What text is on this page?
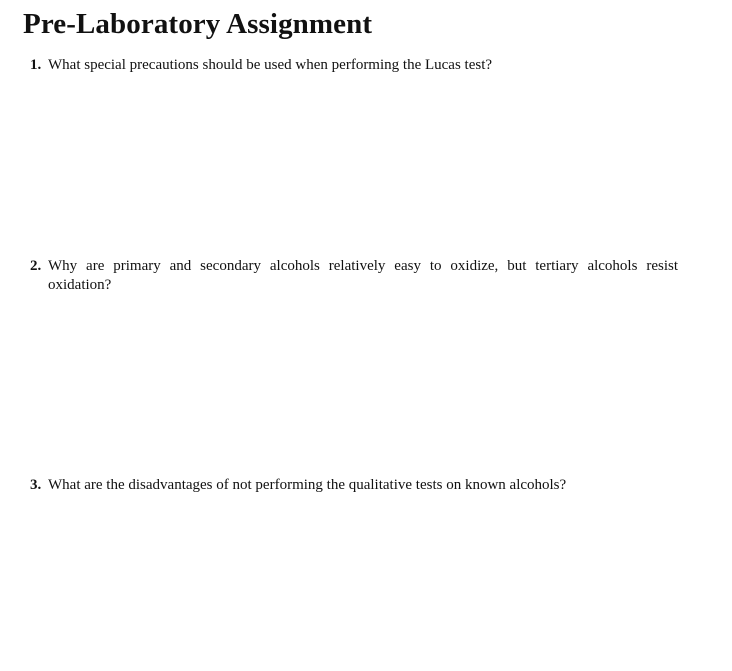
Pre-Laboratory Assignment
1. What special precautions should be used when performing the Lucas test?
2. Why are primary and secondary alcohols relatively easy to oxidize, but tertiary alcohols resist oxidation?
3. What are the disadvantages of not performing the qualitative tests on known alcohols?
